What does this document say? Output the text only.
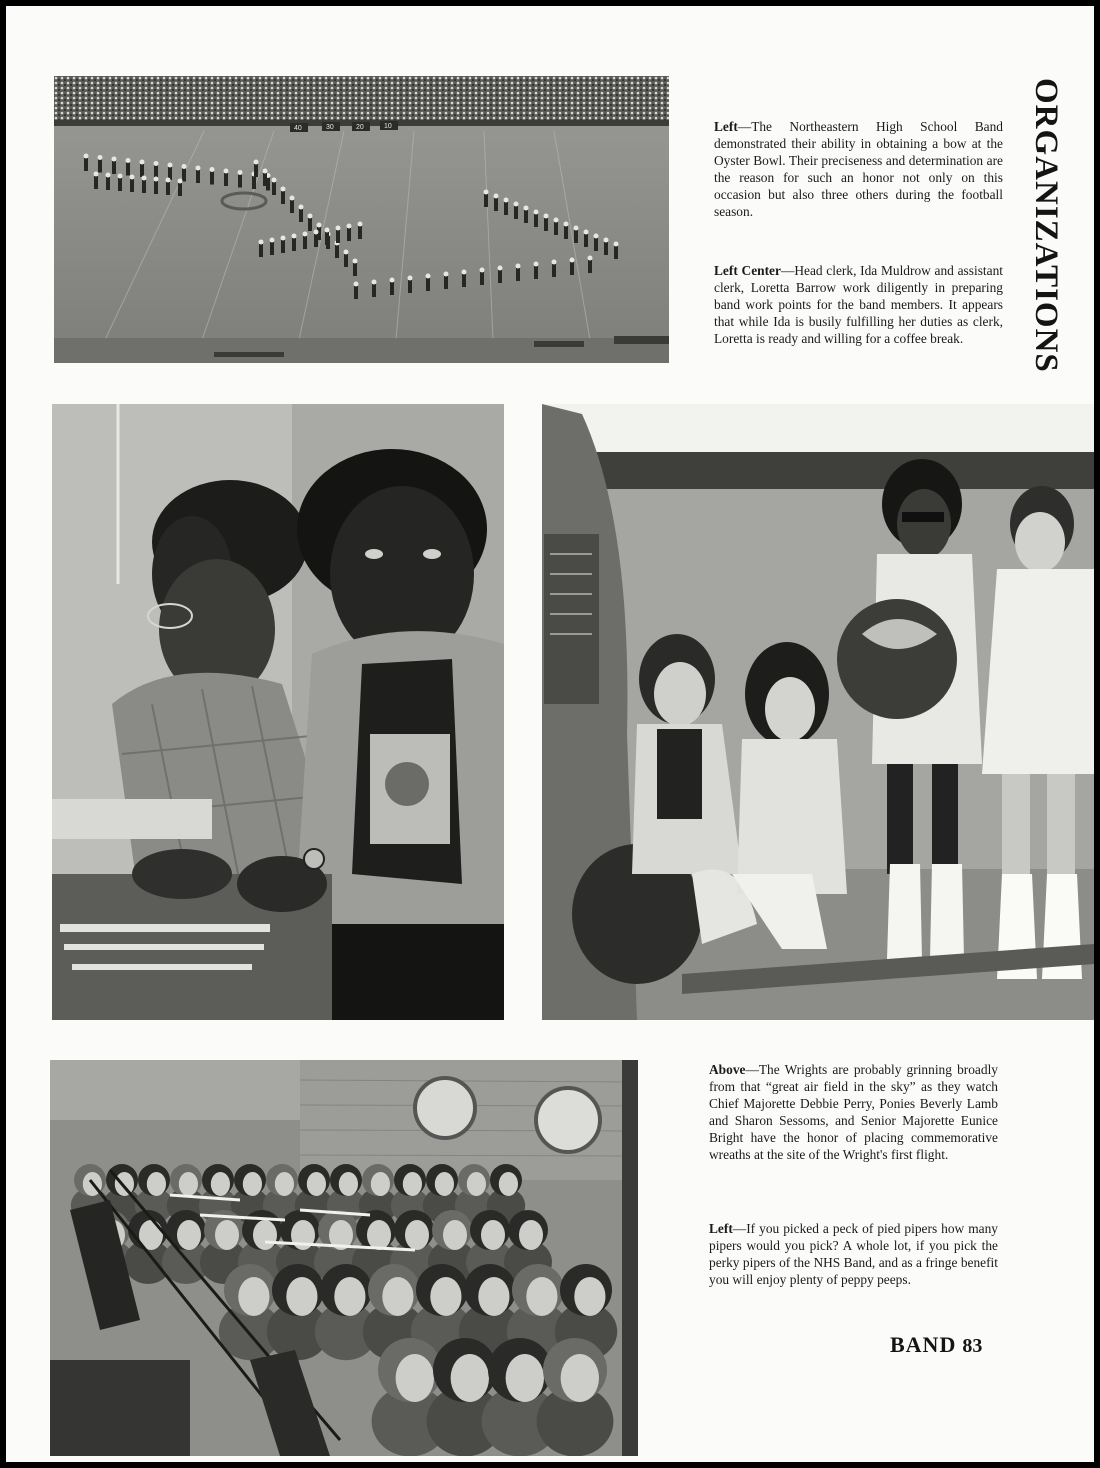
40	30	20	10	Left—The Northeastern High School Band demonstrated their ability in obtaining a bow at the Oyster Bowl. Their preciseness and determination are the reason for such an honor not only on this occasion but also three others during the football season.

Left Center—Head clerk, Ida Muldrow and assistant clerk, Loretta Barrow work diligently in preparing band work points for the band members. It appears that while Ida is busily fulfilling her duties as clerk, Loretta is ready and willing for a coffee break.	ORGANIZATIONS

Above—The Wrights are probably grinning broadly from that “great air field in the sky” as they watch Chief Majorette Debbie Perry, Ponies Beverly Lamb and Sharon Sessoms, and Senior Majorette Eunice Bright have the honor of placing commemorative wreaths at the site of the Wright's first flight.

Left—If you picked a peck of pied pipers how many pipers would you pick? A whole lot, if you pick the perky pipers of the NHS Band, and as a fringe benefit you will enjoy plenty of peppy peeps.

BAND 83
